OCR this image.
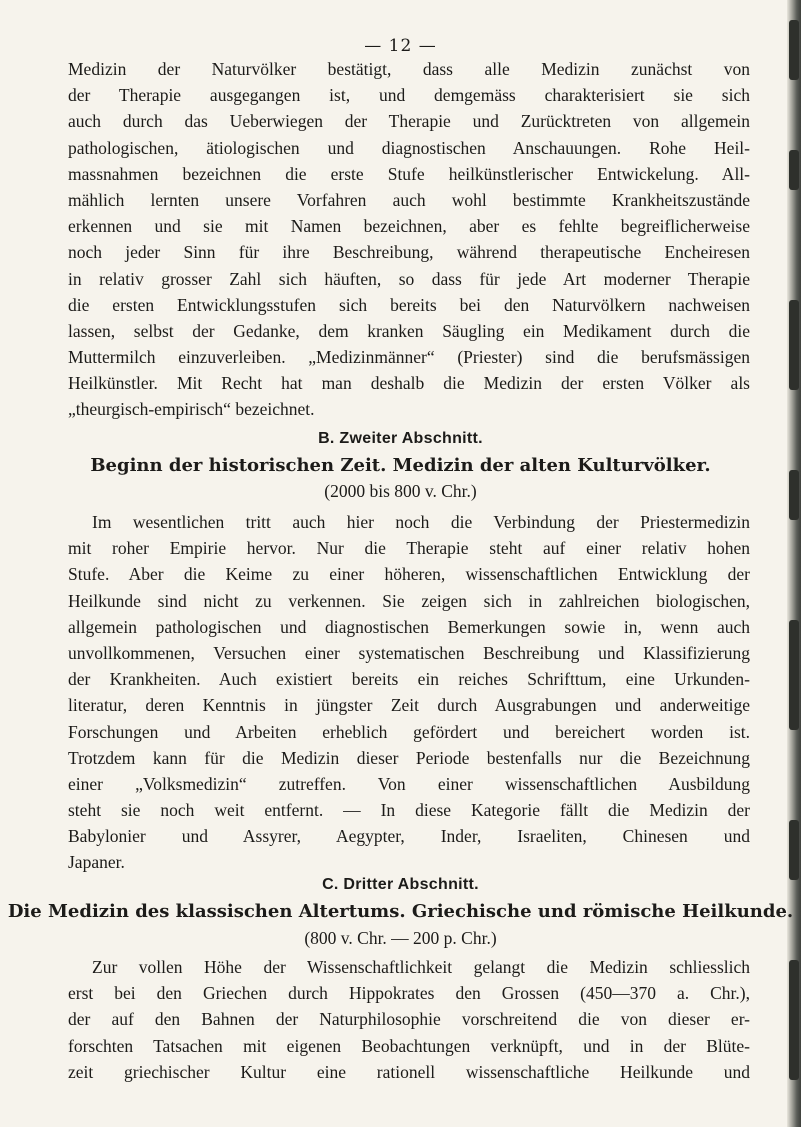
— 12 —
Medizin der Naturvölker bestätigt, dass alle Medizin zunächst von
der Therapie ausgegangen ist, und demgemäss charakterisiert sie sich
auch durch das Ueberwiegen der Therapie und Zurücktreten von allgemein
pathologischen, ätiologischen und diagnostischen Anschauungen. Rohe Heil-
massnahmen bezeichnen die erste Stufe heilkünstlerischer Entwickelung. All-
mählich lernten unsere Vorfahren auch wohl bestimmte Krankheitszustände
erkennen und sie mit Namen bezeichnen, aber es fehlte begreiflicherweise
noch jeder Sinn für ihre Beschreibung, während therapeutische Encheiresen
in relativ grosser Zahl sich häuften, so dass für jede Art moderner Therapie
die ersten Entwicklungsstufen sich bereits bei den Naturvölkern nachweisen
lassen, selbst der Gedanke, dem kranken Säugling ein Medikament durch die
Muttermilch einzuverleiben. „Medizinmänner“ (Priester) sind die berufsmässigen
Heilkünstler. Mit Recht hat man deshalb die Medizin der ersten Völker als
„theurgisch-empirisch“ bezeichnet.
B. Zweiter Abschnitt.
Beginn der historischen Zeit. Medizin der alten Kulturvölker.
(2000 bis 800 v. Chr.)
Im wesentlichen tritt auch hier noch die Verbindung der Priestermedizin
mit roher Empirie hervor. Nur die Therapie steht auf einer relativ hohen
Stufe. Aber die Keime zu einer höheren, wissenschaftlichen Entwicklung der
Heilkunde sind nicht zu verkennen. Sie zeigen sich in zahlreichen biologischen,
allgemein pathologischen und diagnostischen Bemerkungen sowie in, wenn auch
unvollkommenen, Versuchen einer systematischen Beschreibung und Klassifizierung
der Krankheiten. Auch existiert bereits ein reiches Schrifttum, eine Urkunden-
literatur, deren Kenntnis in jüngster Zeit durch Ausgrabungen und anderweitige
Forschungen und Arbeiten erheblich gefördert und bereichert worden ist.
Trotzdem kann für die Medizin dieser Periode bestenfalls nur die Bezeichnung
einer „Volksmedizin“ zutreffen. Von einer wissenschaftlichen Ausbildung
steht sie noch weit entfernt. — In diese Kategorie fällt die Medizin der
Babylonier und Assyrer, Aegypter, Inder, Israeliten, Chinesen und
Japaner.
C. Dritter Abschnitt.
Die Medizin des klassischen Altertums. Griechische und römische Heilkunde.
(800 v. Chr. — 200 p. Chr.)
Zur vollen Höhe der Wissenschaftlichkeit gelangt die Medizin schliesslich
erst bei den Griechen durch Hippokrates den Grossen (450—370 a. Chr.),
der auf den Bahnen der Naturphilosophie vorschreitend die von dieser er-
forschten Tatsachen mit eigenen Beobachtungen verknüpft, und in der Blüte-
zeit griechischer Kultur eine rationell wissenschaftliche Heilkunde und
